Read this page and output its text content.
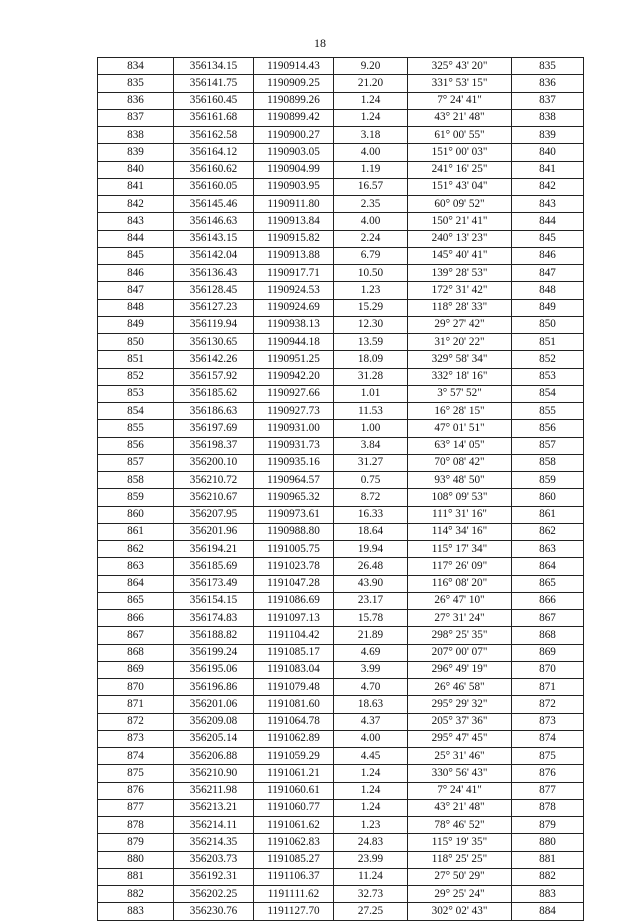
18
834	356134.15	1190914.43	9.20	325° 43' 20"	835
835	356141.75	1190909.25	21.20	331° 53' 15"	836
836	356160.45	1190899.26	1.24	7° 24' 41"	837
837	356161.68	1190899.42	1.24	43° 21' 48"	838
838	356162.58	1190900.27	3.18	61° 00' 55"	839
839	356164.12	1190903.05	4.00	151° 00' 03"	840
840	356160.62	1190904.99	1.19	241° 16' 25"	841
841	356160.05	1190903.95	16.57	151° 43' 04"	842
842	356145.46	1190911.80	2.35	60° 09' 52"	843
843	356146.63	1190913.84	4.00	150° 21' 41"	844
844	356143.15	1190915.82	2.24	240° 13' 23"	845
845	356142.04	1190913.88	6.79	145° 40' 41"	846
846	356136.43	1190917.71	10.50	139° 28' 53"	847
847	356128.45	1190924.53	1.23	172° 31' 42"	848
848	356127.23	1190924.69	15.29	118° 28' 33"	849
849	356119.94	1190938.13	12.30	29° 27' 42"	850
850	356130.65	1190944.18	13.59	31° 20' 22"	851
851	356142.26	1190951.25	18.09	329° 58' 34"	852
852	356157.92	1190942.20	31.28	332° 18' 16"	853
853	356185.62	1190927.66	1.01	3° 57' 52"	854
854	356186.63	1190927.73	11.53	16° 28' 15"	855
855	356197.69	1190931.00	1.00	47° 01' 51"	856
856	356198.37	1190931.73	3.84	63° 14' 05"	857
857	356200.10	1190935.16	31.27	70° 08' 42"	858
858	356210.72	1190964.57	0.75	93° 48' 50"	859
859	356210.67	1190965.32	8.72	108° 09' 53"	860
860	356207.95	1190973.61	16.33	111° 31' 16"	861
861	356201.96	1190988.80	18.64	114° 34' 16"	862
862	356194.21	1191005.75	19.94	115° 17' 34"	863
863	356185.69	1191023.78	26.48	117° 26' 09"	864
864	356173.49	1191047.28	43.90	116° 08' 20"	865
865	356154.15	1191086.69	23.17	26° 47' 10"	866
866	356174.83	1191097.13	15.78	27° 31' 24"	867
867	356188.82	1191104.42	21.89	298° 25' 35"	868
868	356199.24	1191085.17	4.69	207° 00' 07"	869
869	356195.06	1191083.04	3.99	296° 49' 19"	870
870	356196.86	1191079.48	4.70	26° 46' 58"	871
871	356201.06	1191081.60	18.63	295° 29' 32"	872
872	356209.08	1191064.78	4.37	205° 37' 36"	873
873	356205.14	1191062.89	4.00	295° 47' 45"	874
874	356206.88	1191059.29	4.45	25° 31' 46"	875
875	356210.90	1191061.21	1.24	330° 56' 43"	876
876	356211.98	1191060.61	1.24	7° 24' 41"	877
877	356213.21	1191060.77	1.24	43° 21' 48"	878
878	356214.11	1191061.62	1.23	78° 46' 52"	879
879	356214.35	1191062.83	24.83	115° 19' 35"	880
880	356203.73	1191085.27	23.99	118° 25' 25"	881
881	356192.31	1191106.37	11.24	27° 50' 29"	882
882	356202.25	1191111.62	32.73	29° 25' 24"	883
883	356230.76	1191127.70	27.25	302° 02' 43"	884
